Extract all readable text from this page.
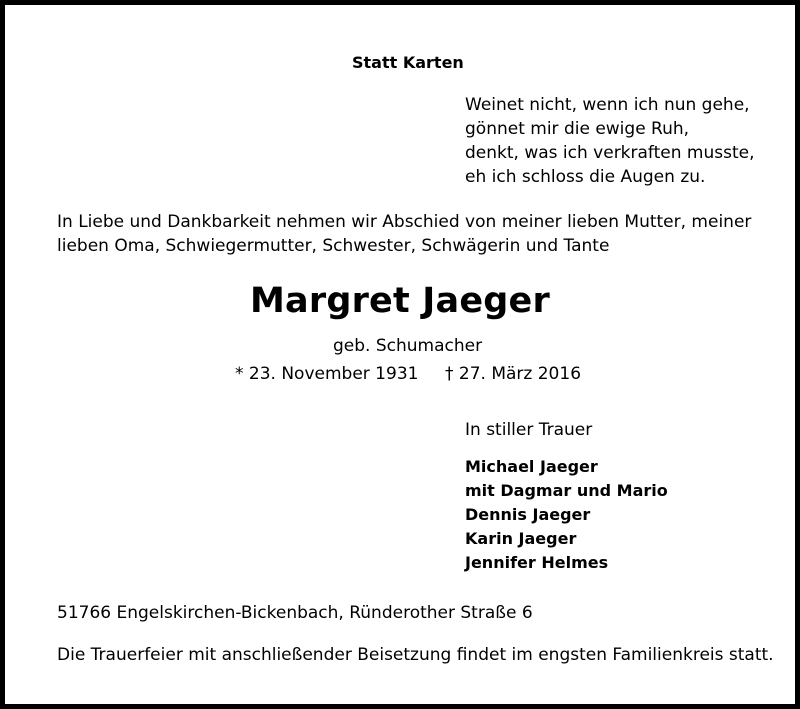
Statt Karten

Weinet nicht, wenn ich nun gehe,
gönnet mir die ewige Ruh,
denkt, was ich verkraften musste,
eh ich schloss die Augen zu.
In Liebe und Dankbarkeit nehmen wir Abschied von meiner lieben Mutter, meiner
lieben Oma, Schwiegermutter, Schwester, Schwägerin und Tante
Margret Jaeger

geb. Schumacher

* 23. November 1931 † 27. März 2016

In stiller Trauer

Michael Jaeger
mit Dagmar und Mario
Dennis Jaeger
Karin Jaeger
Jennifer Helmes

51766 Engelskirchen-Bickenbach, Ründerother Straße 6

Die Trauerfeier mit anschließender Beisetzung findet im engsten Familienkreis statt.
